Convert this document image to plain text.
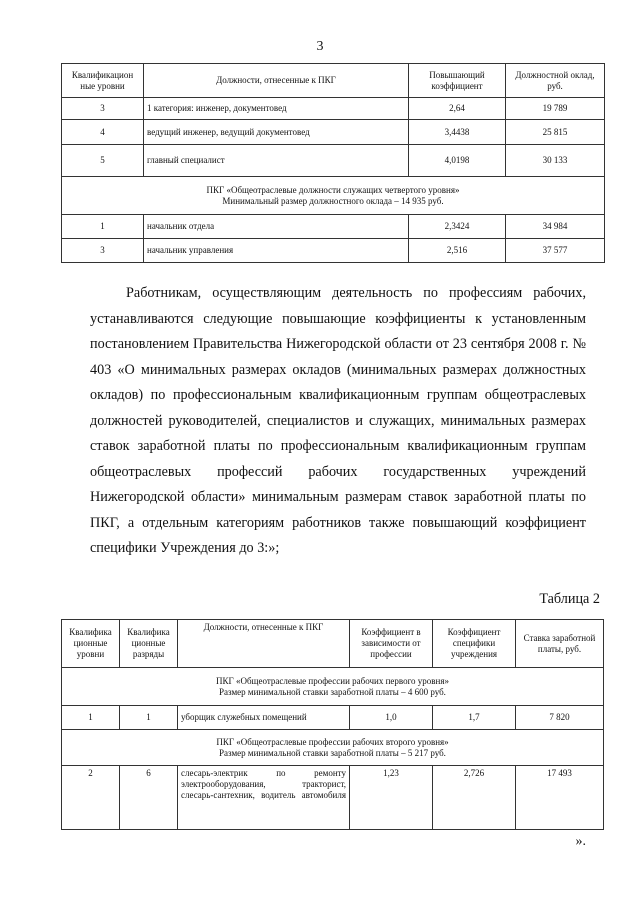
3
Квалификацион ные уровни	Должности, отнесенные к ПКГ	Повышающий коэффициент	Должностной оклад, руб.
3	1 категория: инженер, документовед	2,64	19 789
4	ведущий инженер, ведущий документовед	3,4438	25 815
5	главный специалист	4,0198	30 133

ПКГ «Общеотраслевые должности служащих четвертого уровня»
Минимальный размер должностного оклада – 14 935 руб.			

1	начальник отдела	2,3424	34 984
3	начальник управления	2,516	37 577

Работникам, осуществляющим деятельность по профессиям рабочих, устанавливаются следующие повышающие коэффициенты к установленным постановлением Правительства Нижегородской области от 23 сентября 2008 г. № 403 «О минимальных размерах окладов (минимальных размерах должностных окладов) по профессиональным квалификационным группам общеотраслевых должностей руководителей, специалистов и служащих, минимальных размерах ставок заработной платы по профессиональным квалификационным группам общеотраслевых профессий рабочих государственных учреждений Нижегородской области» минимальным размерам ставок заработной платы по ПКГ, а отдельным категориям работников также повышающий коэффициент специфики Учреждения до 3:»;

Таблица 2
Квалифика ционные уровни	Квалифика ционные разряды	Должности, отнесенные к ПКГ	Коэффициент в зависимости от профессии	Коэффициент специфики учреждения	Ставка заработной платы, руб.

ПКГ «Общеотраслевые профессии рабочих первого уровня»
Размер минимальной ставки заработной платы – 4 600 руб.					

1	1	уборщик служебных помещений	1,0	1,7	7 820

ПКГ «Общеотраслевые профессии рабочих второго уровня»
Размер минимальной ставки заработной платы – 5 217 руб.					

2	6	слесарь-электрик по ремонту электрооборудования, тракторист, слесарь-сантехник, водитель автомобиля	1,23	2,726	17 493
».
